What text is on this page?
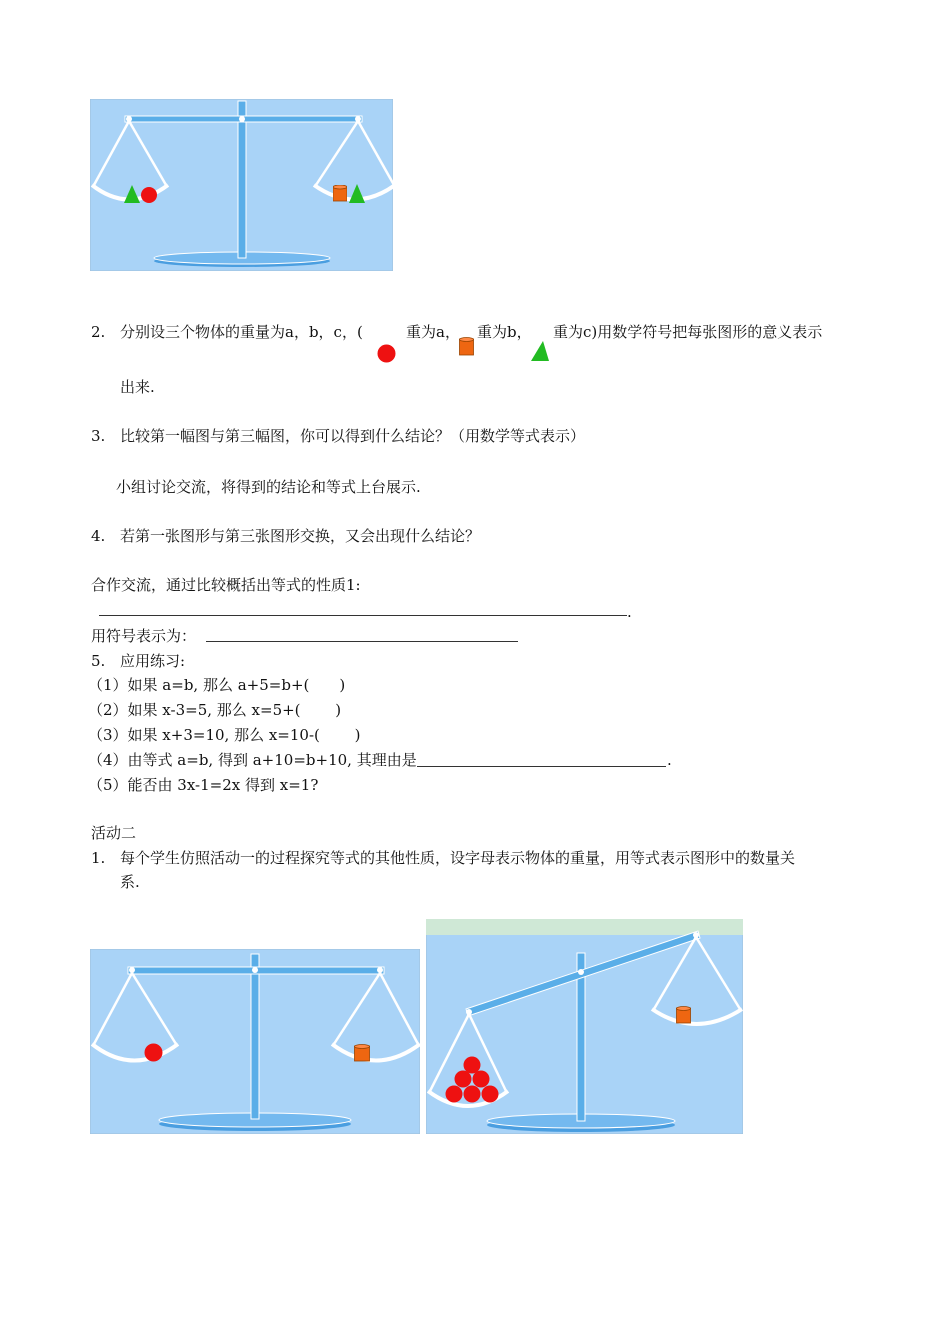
2. 分别设三个物体的重量为a，b，c，(	重为a， 重为b， 重为c)用数学符号把每张图形的意义表示
出来.
3. 比较第一幅图与第三幅图，你可以得到什么结论？（用数学等式表示）
小组讨论交流，将得到的结论和等式上台展示.
4. 若第一张图形与第三张图形交换，又会出现什么结论？
合作交流，通过比较概括出等式的性质1:
.
用符号表示为：
5. 应用练习:
（1）如果 a=b, 那么 a+5=b+(　　)
（2）如果 x-3=5, 那么 x=5+(　　 )
（3）如果 x+3=10, 那么 x=10-(　　 )
（4）由等式 a=b, 得到 a+10=b+10, 其理由是	.
（5）能否由 3x-1=2x 得到 x=1?
活动二
1. 每个学生仿照活动一的过程探究等式的其他性质，设字母表示物体的重量，用等式表示图形中的数量关
系.
